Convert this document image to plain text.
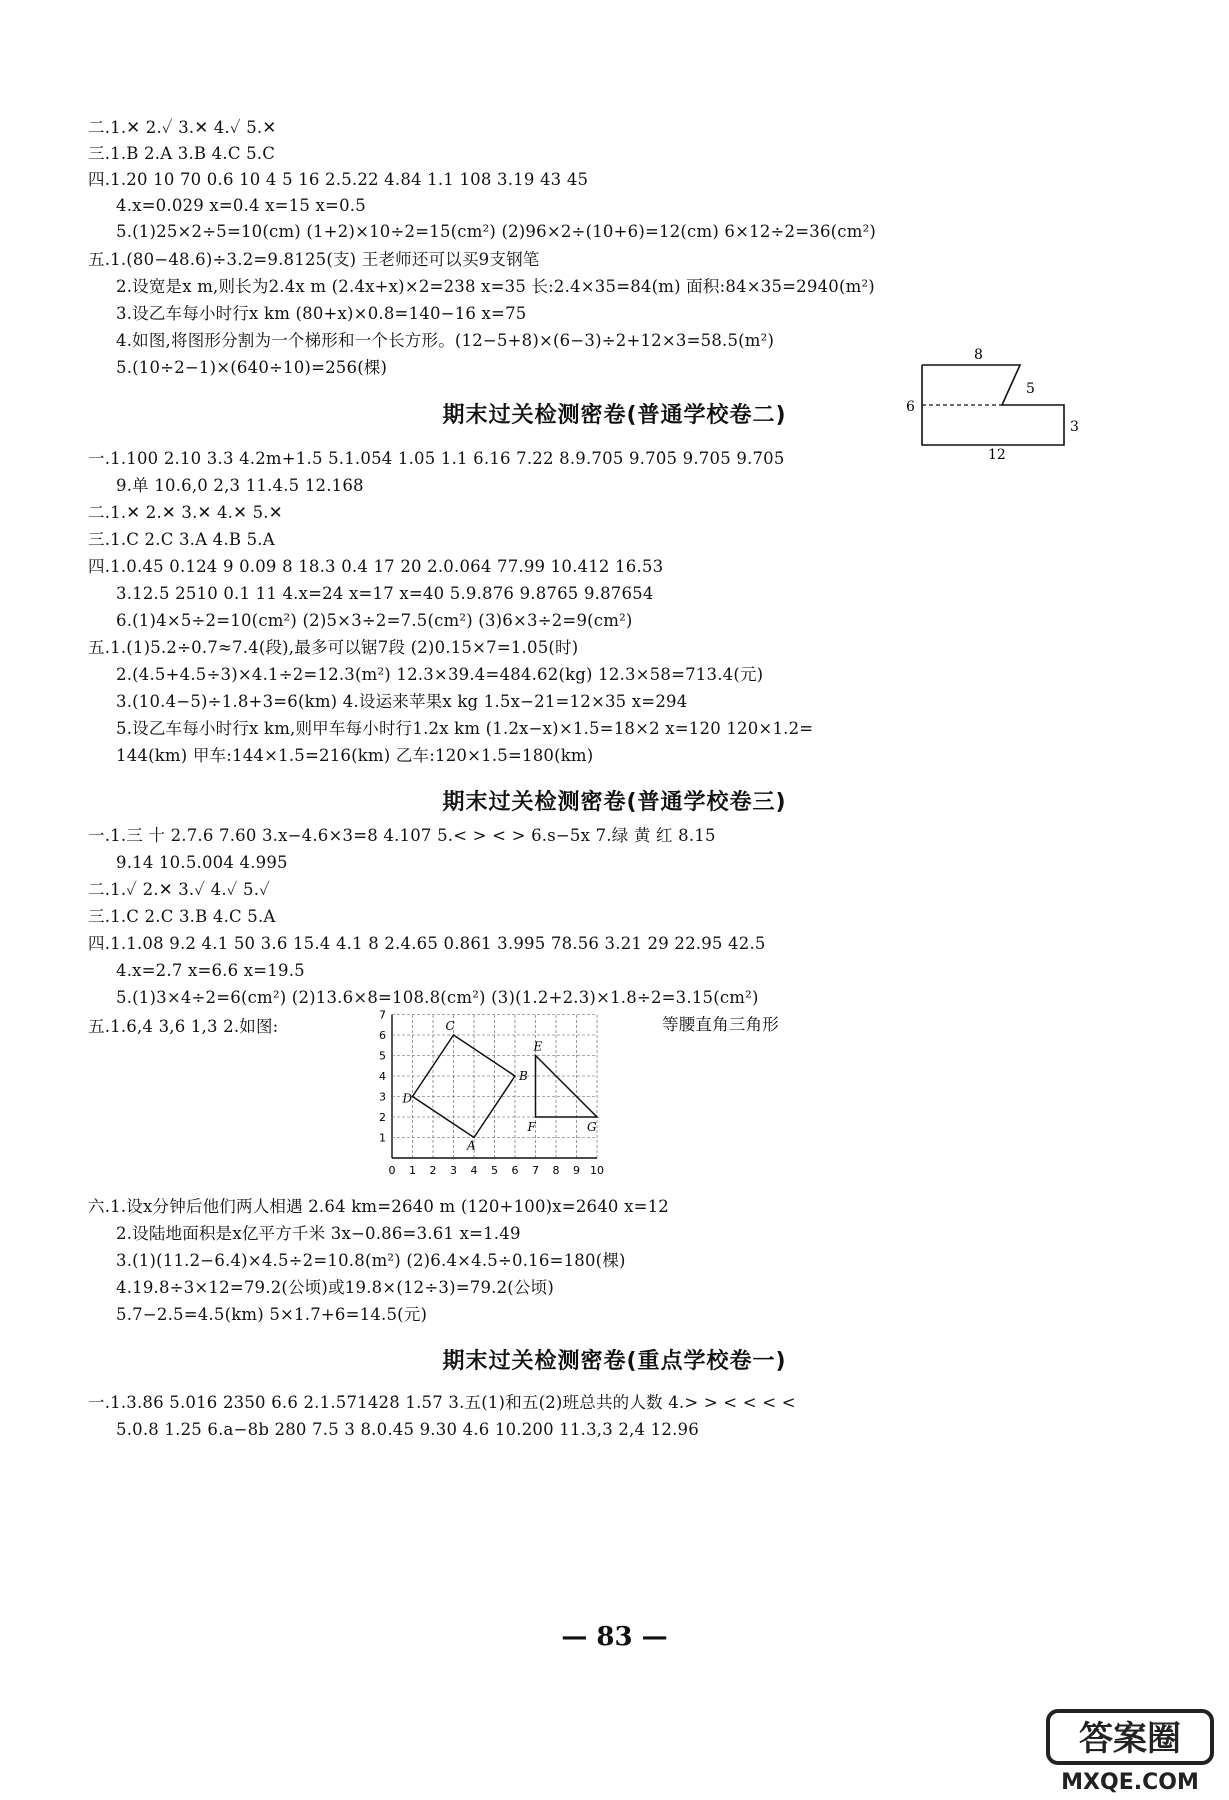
二.1.✕ 2.✓ 3.✕ 4.✓ 5.✕
三.1.B 2.A 3.B 4.C 5.C
四.1.20 10 70 0.6 10 4 5 16 2.5.22 4.84 1.1 108 3.19 43 45
4.x=0.029 x=0.4 x=15 x=0.5
5.(1)25×2÷5=10(cm) (1+2)×10÷2=15(cm²) (2)96×2÷(10+6)=12(cm) 6×12÷2=36(cm²)
五.1.(80−48.6)÷3.2=9.8125(支) 王老师还可以买9支钢笔
2.设宽是x m,则长为2.4x m (2.4x+x)×2=238 x=35 长:2.4×35=84(m) 面积:84×35=2940(m²)
3.设乙车每小时行x km (80+x)×0.8=140−16 x=75
4.如图,将图形分割为一个梯形和一个长方形。(12−5+8)×(6−3)÷2+12×3=58.5(m²)
5.(10÷2−1)×(640÷10)=256(棵)
8
5
6
3
12
期末过关检测密卷(普通学校卷二)
一.1.100 2.10 3.3 4.2m+1.5 5.1.05̇4̇ 1.05 1.1 6.16 7.22 8.9.705 9.70̇5̇ 9.705 9.7̇05̇
9.单 10.6,0 2,3 11.4.5 12.168
二.1.✕ 2.✕ 3.✕ 4.✕ 5.✕
三.1.C 2.C 3.A 4.B 5.A
四.1.0.45 0.124 9 0.09 8 18.3 0.4 17 20 2.0.064 77.99 10.412 16.53
3.12.5 2510 0.1 11 4.x=24 x=17 x=40 5.9.876 9.8765 9.87654
6.(1)4×5÷2=10(cm²) (2)5×3÷2=7.5(cm²) (3)6×3÷2=9(cm²)
五.1.(1)5.2÷0.7≈7.4(段),最多可以锯7段 (2)0.15×7=1.05(时)
2.(4.5+4.5÷3)×4.1÷2=12.3(m²) 12.3×39.4=484.62(kg) 12.3×58=713.4(元)
3.(10.4−5)÷1.8+3=6(km) 4.设运来苹果x kg 1.5x−21=12×35 x=294
5.设乙车每小时行x km,则甲车每小时行1.2x km (1.2x−x)×1.5=18×2 x=120 120×1.2=
144(km) 甲车:144×1.5=216(km) 乙车:120×1.5=180(km)
期末过关检测密卷(普通学校卷三)
一.1.三 十 2.7.6 7.60 3.x−4.6×3=8 4.107 5.< > < > 6.s−5x 7.绿 黄 红 8.15
9.14 10.5.004 4.995
二.1.✓ 2.✕ 3.✓ 4.✓ 5.✓
三.1.C 2.C 3.B 4.C 5.A
四.1.1.08 9.2 4.1 50 3.6 15.4 4.1 8 2.4.65 0.861 3.995 78.56 3.21 29 22.95 42.5
4.x=2.7 x=6.6 x=19.5
5.(1)3×4÷2=6(cm²) (2)13.6×8=108.8(cm²) (3)(1.2+2.3)×1.8÷2=3.15(cm²)
五.1.6,4 3,6 1,3 2.如图:	等腰直角三角形
0 1 2 3 4 5 6 7 8 9 10
1
2
3
4
5
6
7
C
B
D
A
E
G
F
六.1.设x分钟后他们两人相遇 2.64 km=2640 m (120+100)x=2640 x=12
2.设陆地面积是x亿平方千米 3x−0.86=3.61 x=1.49
3.(1)(11.2−6.4)×4.5÷2=10.8(m²) (2)6.4×4.5÷0.16=180(棵)
4.19.8÷3×12=79.2(公顷)或19.8×(12÷3)=79.2(公顷)
5.7−2.5=4.5(km) 5×1.7+6=14.5(元)
期末过关检测密卷(重点学校卷一)
一.1.3.86 5.016 2350 6.6 2.1.5̇71428̇ 1.57 3.五(1)和五(2)班总共的人数 4.> > < < < <
5.0.8 1.25 6.a−8b 280 7.5 3 8.0.45 9.30 4.6 10.200 11.3,3 2,4 12.96
— 83 —
答案圈
MXQE.COM
